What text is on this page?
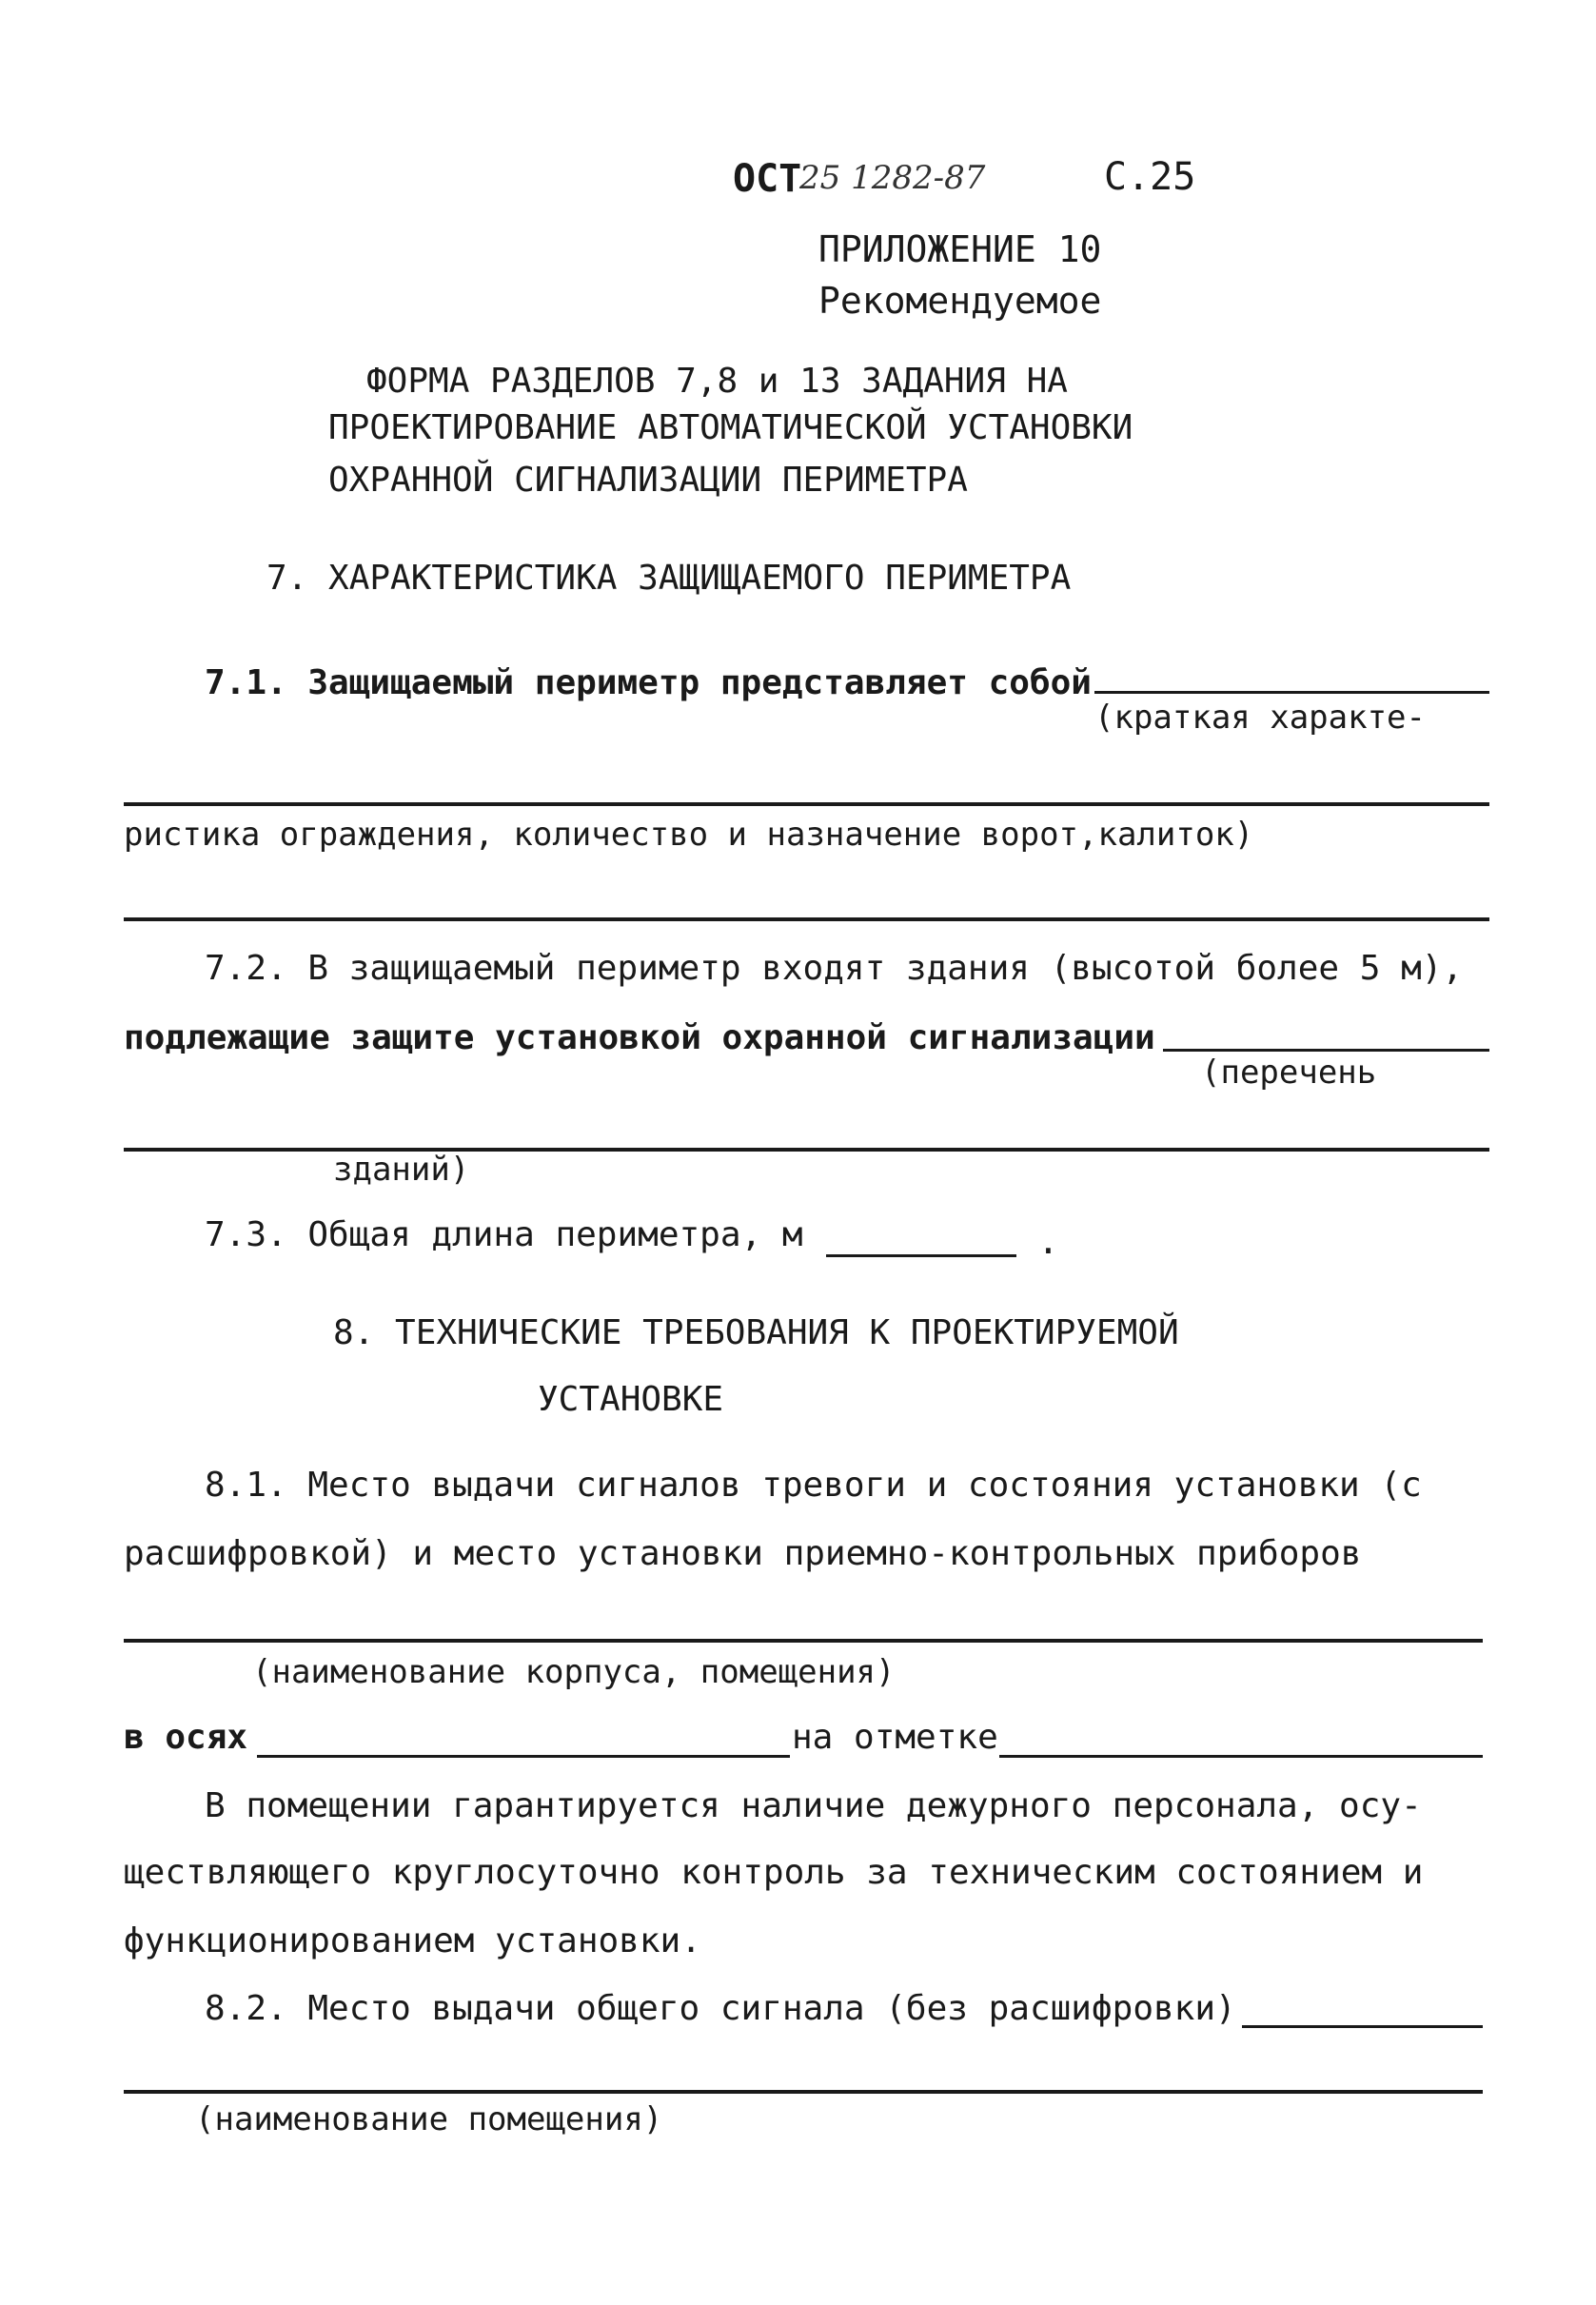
ОСТ
25 1282-87	С.25
ПРИЛОЖЕНИЕ 10
Рекомендуемое
ФОРМА РАЗДЕЛОВ 7,8 и 13 ЗАДАНИЯ НА
ПРОЕКТИРОВАНИЕ АВТОМАТИЧЕСКОЙ УСТАНОВКИ
ОХРАННОЙ СИГНАЛИЗАЦИИ ПЕРИМЕТРА
7. ХАРАКТЕРИСТИКА ЗАЩИЩАЕМОГО ПЕРИМЕТРА
7.1. Защищаемый периметр представляет собой
(краткая характе-
ристика ограждения, количество и назначение ворот,калиток)
7.2. В защищаемый периметр входят здания (высотой более 5 м),
подлежащие защите установкой охранной сигнализации
(перечень
зданий)
7.3. Общая длина периметра, м	.
8. ТЕХНИЧЕСКИЕ ТРЕБОВАНИЯ К ПРОЕКТИРУЕМОЙ
УСТАНОВКЕ
8.1. Место выдачи сигналов тревоги и состояния установки (с
расшифровкой) и место установки приемно-контрольных приборов
(наименование корпуса, помещения)
в осях	на отметке
В помещении гарантируется наличие дежурного персонала, осу-
ществляющего круглосуточно контроль за техническим состоянием и
функционированием установки.
8.2. Место выдачи общего сигнала (без расшифровки)
(наименование помещения)
